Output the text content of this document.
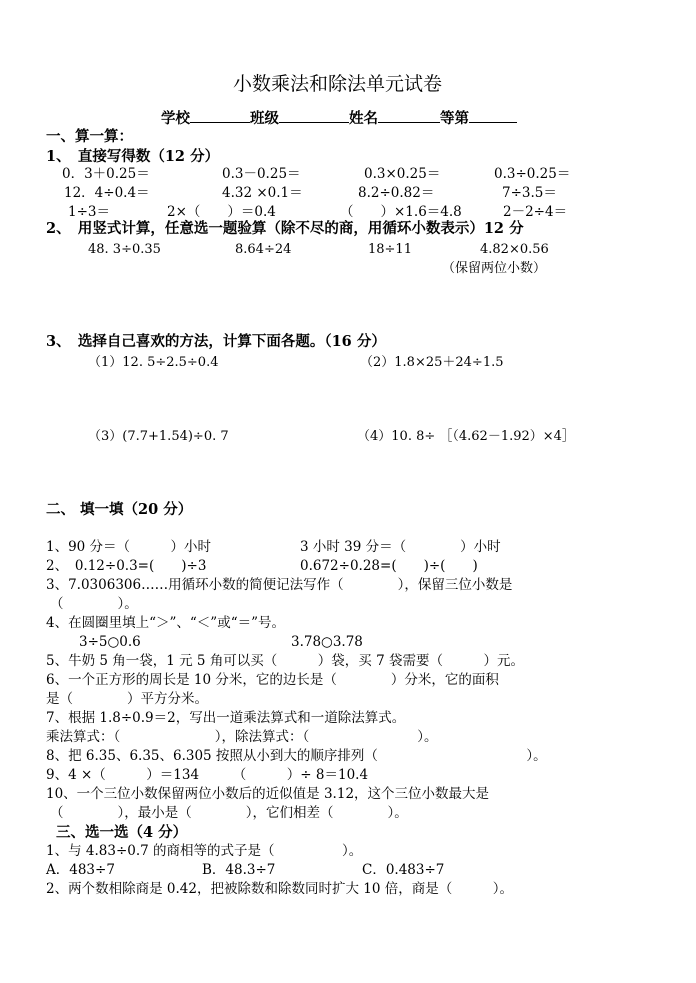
小数乘法和除法单元试卷
学校	班级	姓名	等第
一、算一算：
1、　直接写得数（12 分）
0．3＋0.25＝	0.3－0.25＝	0.3×0.25＝	0.3÷0.25＝
12．4÷0.4＝	4.32 ×0.1＝	8.2÷0.82＝	7÷3.5＝
1÷3＝	2×（　　）＝0.4	（　　）×1.6＝4.8	2－2÷4＝
2、　用竖式计算，任意选一题验算（除不尽的商，用循环小数表示）12 分
48. 3÷0.35	8.64÷24	18÷11	4.82×0.56
（保留两位小数）
3、　选择自己喜欢的方法，计算下面各题。（16 分）
（1）12. 5÷2.5÷0.4	（2）1.8×25＋24÷1.5
（3）(7.7+1.54)÷0. 7	（4）10. 8÷ ［（4.62－1.92）×4］
二、 填一填（20 分）
1、90 分＝（　　　）小时	3 小时 39 分＝（　　　　）小时
2、　0.12÷0.3=(　　)÷3	0.672÷0.28=(　　)÷(　　)
3、7.0306306……用循环小数的简便记法写作（　　　　），保留三位小数是
（　　　　）。
4、在圆圈里填上“＞”、“＜”或“＝”号。
3÷5○0.6	3.78○3.78
5、牛奶 5 角一袋，1 元 5 角可以买（　　　）袋，买 7 袋需要（　　　）元。
6、一个正方形的周长是 10 分米，它的边长是（　　　　）分米，它的面积
是（　　　　）平方分米。
7、根据 1.8÷0.9＝2，写出一道乘法算式和一道除法算式。
乘法算式：（　　　　　　　），除法算式：（　　　　　　　　）。
8、把 6.35、6.35、6.305 按照从小到大的顺序排列（　　　　　　　　　　　）。
9、4 ×（　　　）＝134　　　（　　　）÷ 8＝10.4
10、一个三位小数保留两位小数后的近似值是 3.12，这个三位小数最大是
（　　　　），最小是（　　　　），它们相差（　　　　）。
三、选一选（4 分）
1、与 4.83÷0.7 的商相等的式子是（　　　　　）。
A．483÷7	B．48.3÷7	C．0.483÷7
2、两个数相除商是 0.42，把被除数和除数同时扩大 10 倍，商是（　　　）。
